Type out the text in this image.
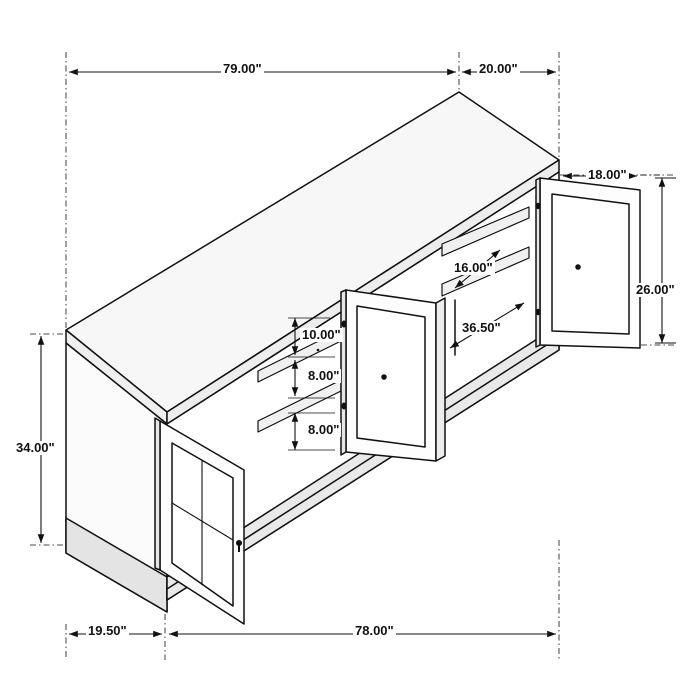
79.00"	20.00"
18.00"
26.00"
16.00"
36.50"
10.00"
8.00"
8.00"
34.00"
19.50"	78.00"
